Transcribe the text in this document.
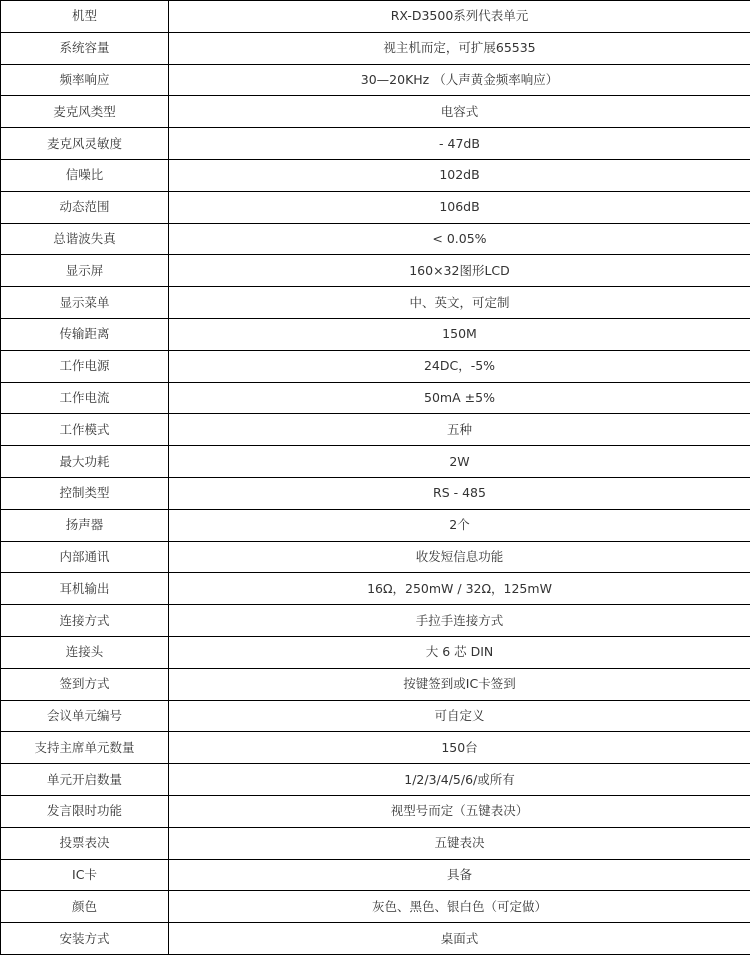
机型	RX-D3500系列代表单元
系统容量	视主机而定，可扩展65535
频率响应	30—20KHz （人声黄金频率响应）
麦克风类型	电容式
麦克风灵敏度	- 47dB
信噪比	102dB
动态范围	106dB
总谐波失真	< 0.05%
显示屏	160×32图形LCD
显示菜单	中、英文，可定制
传输距离	150M
工作电源	24DC，-5%
工作电流	50mA ±5%
工作模式	五种
最大功耗	2W
控制类型	RS - 485
扬声器	2个
内部通讯	收发短信息功能
耳机输出	16Ω，250mW / 32Ω，125mW
连接方式	手拉手连接方式
连接头	大 6 芯 DIN
签到方式	按键签到或IC卡签到
会议单元编号	可自定义
支持主席单元数量	150台
单元开启数量	1/2/3/4/5/6/或所有
发言限时功能	视型号而定（五键表决）
投票表决	五键表决
IC卡	具备
颜色	灰色、黑色、银白色（可定做）
安装方式	桌面式
